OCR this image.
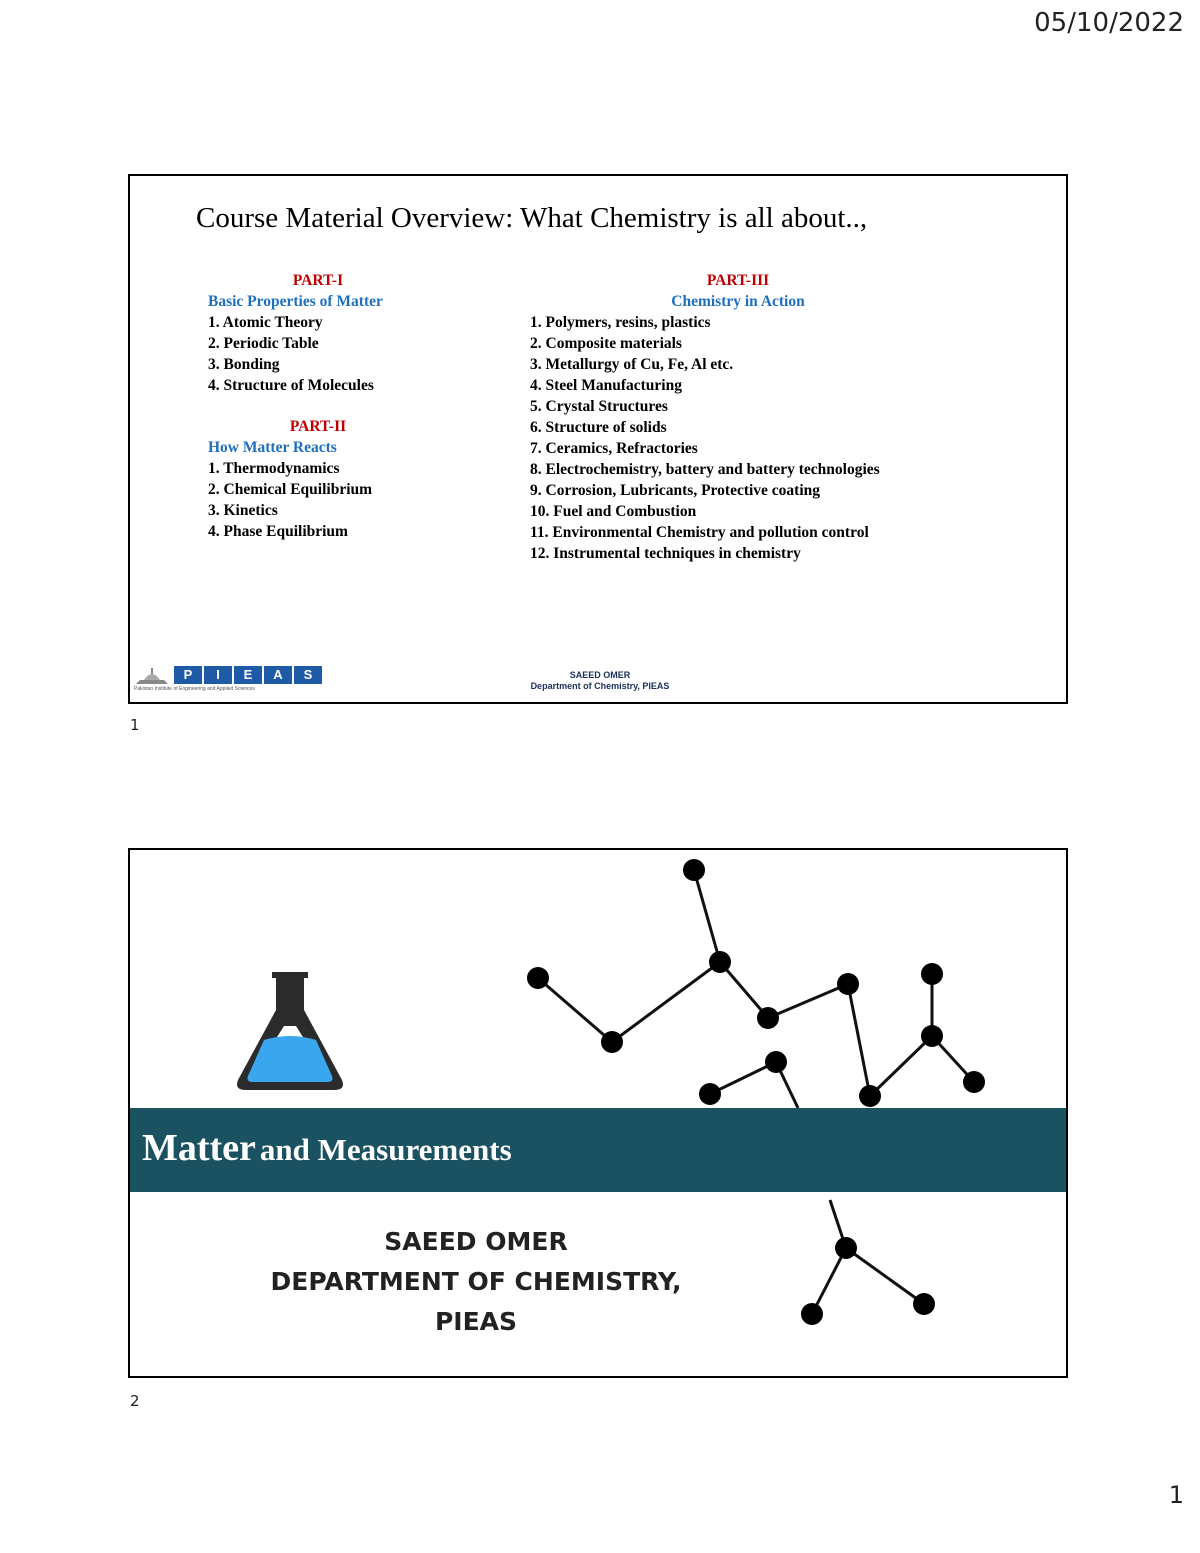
05/10/2022
Course Material Overview: What Chemistry is all about..,
PART-I
Basic Properties of Matter
1. Atomic Theory
2. Periodic Table
3. Bonding
4. Structure of Molecules
PART-II
How Matter Reacts
1. Thermodynamics
2. Chemical Equilibrium
3. Kinetics
4. Phase Equilibrium
PART-III
Chemistry in Action
1. Polymers, resins, plastics
2. Composite materials
3. Metallurgy of Cu, Fe, Al etc.
4. Steel Manufacturing
5. Crystal Structures
6. Structure of solids
7. Ceramics, Refractories
8. Electrochemistry, battery and battery technologies
9. Corrosion, Lubricants, Protective coating
10. Fuel and Combustion
11. Environmental Chemistry and pollution control
12. Instrumental techniques in chemistry
P	I	E	A	S
Pakistan Institute of Engineering and Applied Sciences
SAEED OMER
Department of Chemistry, PIEAS
1
Matter and Measurements
SAEED OMER
DEPARTMENT OF CHEMISTRY, PIEAS
2
1
